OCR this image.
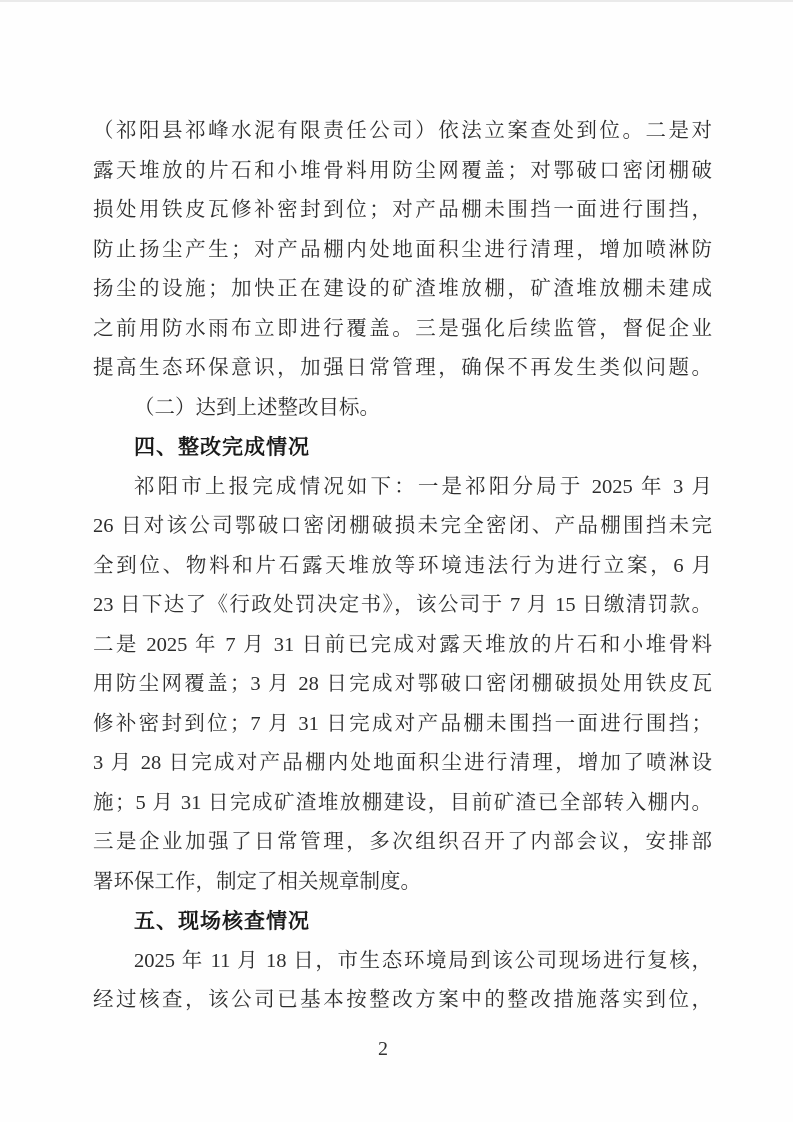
（祁阳县祁峰水泥有限责任公司）依法立案查处到位。二是对
露天堆放的片石和小堆骨料用防尘网覆盖；对鄂破口密闭棚破
损处用铁皮瓦修补密封到位；对产品棚未围挡一面进行围挡，
防止扬尘产生；对产品棚内处地面积尘进行清理，增加喷淋防
扬尘的设施；加快正在建设的矿渣堆放棚，矿渣堆放棚未建成
之前用防水雨布立即进行覆盖。三是强化后续监管，督促企业
提高生态环保意识，加强日常管理，确保不再发生类似问题。
（二）达到上述整改目标。
四、整改完成情况
祁阳市上报完成情况如下：一是祁阳分局于 2025 年 3 月
26 日对该公司鄂破口密闭棚破损未完全密闭、产品棚围挡未完
全到位、物料和片石露天堆放等环境违法行为进行立案，6 月
23 日下达了《行政处罚决定书》，该公司于 7 月 15 日缴清罚款。
二是 2025 年 7 月 31 日前已完成对露天堆放的片石和小堆骨料
用防尘网覆盖；3 月 28 日完成对鄂破口密闭棚破损处用铁皮瓦
修补密封到位；7 月 31 日完成对产品棚未围挡一面进行围挡；
3 月 28 日完成对产品棚内处地面积尘进行清理，增加了喷淋设
施；5 月 31 日完成矿渣堆放棚建设，目前矿渣已全部转入棚内。
三是企业加强了日常管理，多次组织召开了内部会议，安排部
署环保工作，制定了相关规章制度。
五、现场核查情况
2025 年 11 月 18 日，市生态环境局到该公司现场进行复核，
经过核查，该公司已基本按整改方案中的整改措施落实到位，
2
